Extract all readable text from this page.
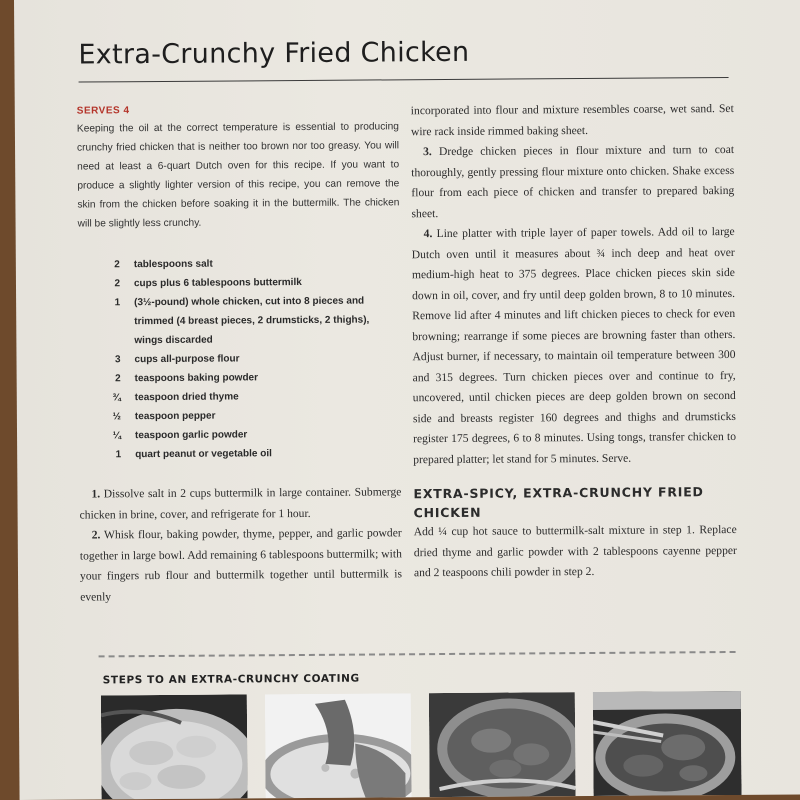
Extra-Crunchy Fried Chicken
SERVES 4

Keeping the oil at the correct temperature is essential to producing crunchy fried chicken that is neither too brown nor too greasy. You will need at least a 6-quart Dutch oven for this recipe. If you want to produce a slightly lighter version of this recipe, you can remove the skin from the chicken before soaking it in the buttermilk. The chicken will be slightly less crunchy.

2	tablespoons salt
2	cups plus 6 tablespoons buttermilk
1	(3½-pound) whole chicken, cut into 8 pieces and trimmed (4 breast pieces, 2 drumsticks, 2 thighs), wings discarded
3	cups all-purpose flour
2	teaspoons baking powder
¾	teaspoon dried thyme
½	teaspoon pepper
¼	teaspoon garlic powder
1	quart peanut or vegetable oil

1. Dissolve salt in 2 cups buttermilk in large container. Submerge chicken in brine, cover, and refrigerate for 1 hour.

2. Whisk flour, baking powder, thyme, pepper, and garlic powder together in large bowl. Add remaining 6 tablespoons buttermilk; with your fingers rub flour and buttermilk together until buttermilk is evenly

incorporated into flour and mixture resembles coarse, wet sand. Set wire rack inside rimmed baking sheet.

3. Dredge chicken pieces in flour mixture and turn to coat thoroughly, gently pressing flour mixture onto chicken. Shake excess flour from each piece of chicken and transfer to prepared baking sheet.

4. Line platter with triple layer of paper towels. Add oil to large Dutch oven until it measures about ¾ inch deep and heat over medium-high heat to 375 degrees. Place chicken pieces skin side down in oil, cover, and fry until deep golden brown, 8 to 10 minutes. Remove lid after 4 minutes and lift chicken pieces to check for even browning; rearrange if some pieces are browning faster than others. Adjust burner, if necessary, to maintain oil temperature between 300 and 315 degrees. Turn chicken pieces over and continue to fry, uncovered, until chicken pieces are deep golden brown on second side and breasts register 160 degrees and thighs and drumsticks register 175 degrees, 6 to 8 minutes. Using tongs, transfer chicken to prepared platter; let stand for 5 minutes. Serve.

EXTRA-SPICY, EXTRA-CRUNCHY FRIED CHICKEN

Add ¼ cup hot sauce to buttermilk-salt mixture in step 1. Replace dried thyme and garlic powder with 2 tablespoons cayenne pepper and 2 teaspoons chili powder in step 2.

STEPS TO AN EXTRA-CRUNCHY COATING
